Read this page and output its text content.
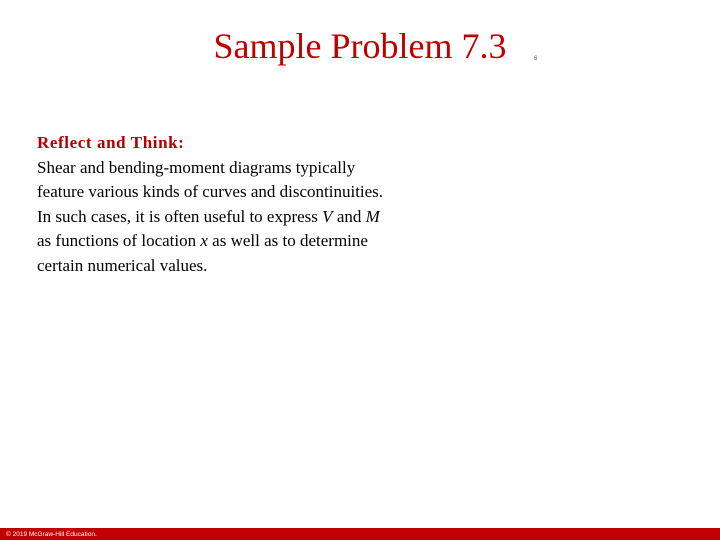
Sample Problem 7.3	6
Reflect and Think:
Shear and bending-moment diagrams typically
feature various kinds of curves and discontinuities.
In such cases, it is often useful to express V and M
as functions of location x as well as to determine
certain numerical values.
© 2019 McGraw-Hill Education.
